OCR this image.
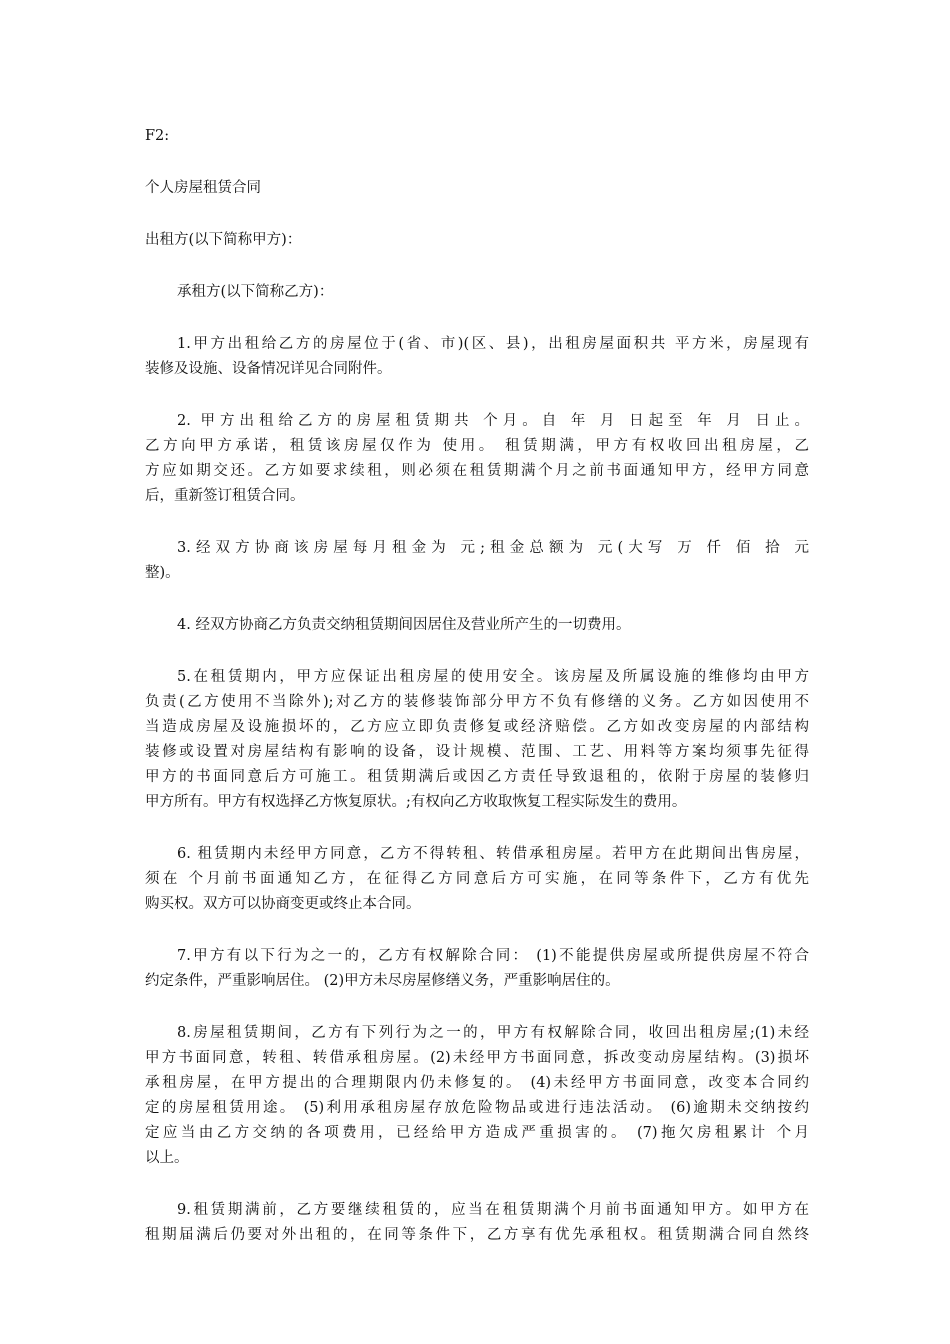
F2:
个人房屋租赁合同
出租方(以下简称甲方)：
承租方(以下简称乙方)：
1.甲方出租给乙方的房屋位于(省、市)(区、县)，出租房屋面积共 平方米，房屋现有
装修及设施、设备情况详见合同附件。
2. 甲方出租给乙方的房屋租赁期共 个月。自 年 月 日起至 年 月 日止。
乙方向甲方承诺，租赁该房屋仅作为 使用。 租赁期满，甲方有权收回出租房屋，乙
方应如期交还。乙方如要求续租，则必须在租赁期满个月之前书面通知甲方，经甲方同意
后，重新签订租赁合同。
3.经双方协商该房屋每月租金为 元;租金总额为 元(大写 万 仟 佰 拾 元
整)。
4. 经双方协商乙方负责交纳租赁期间因居住及营业所产生的一切费用。
5.在租赁期内，甲方应保证出租房屋的使用安全。该房屋及所属设施的维修均由甲方
负责(乙方使用不当除外);对乙方的装修装饰部分甲方不负有修缮的义务。乙方如因使用不
当造成房屋及设施损坏的，乙方应立即负责修复或经济赔偿。乙方如改变房屋的内部结构
装修或设置对房屋结构有影响的设备，设计规模、范围、工艺、用料等方案均须事先征得
甲方的书面同意后方可施工。租赁期满后或因乙方责任导致退租的，依附于房屋的装修归
甲方所有。甲方有权选择乙方恢复原状。;有权向乙方收取恢复工程实际发生的费用。
6. 租赁期内未经甲方同意，乙方不得转租、转借承租房屋。若甲方在此期间出售房屋，
须在 个月前书面通知乙方，在征得乙方同意后方可实施，在同等条件下，乙方有优先
购买权。双方可以协商变更或终止本合同。
7.甲方有以下行为之一的，乙方有权解除合同： (1)不能提供房屋或所提供房屋不符合
约定条件，严重影响居住。 (2)甲方未尽房屋修缮义务，严重影响居住的。
8.房屋租赁期间，乙方有下列行为之一的，甲方有权解除合同，收回出租房屋;(1)未经
甲方书面同意，转租、转借承租房屋。(2)未经甲方书面同意，拆改变动房屋结构。(3)损坏
承租房屋，在甲方提出的合理期限内仍未修复的。 (4)未经甲方书面同意，改变本合同约
定的房屋租赁用途。 (5)利用承租房屋存放危险物品或进行违法活动。 (6)逾期未交纳按约
定应当由乙方交纳的各项费用，已经给甲方造成严重损害的。 (7)拖欠房租累计 个月
以上。
9.租赁期满前，乙方要继续租赁的，应当在租赁期满个月前书面通知甲方。如甲方在
租期届满后仍要对外出租的，在同等条件下，乙方享有优先承租权。租赁期满合同自然终
